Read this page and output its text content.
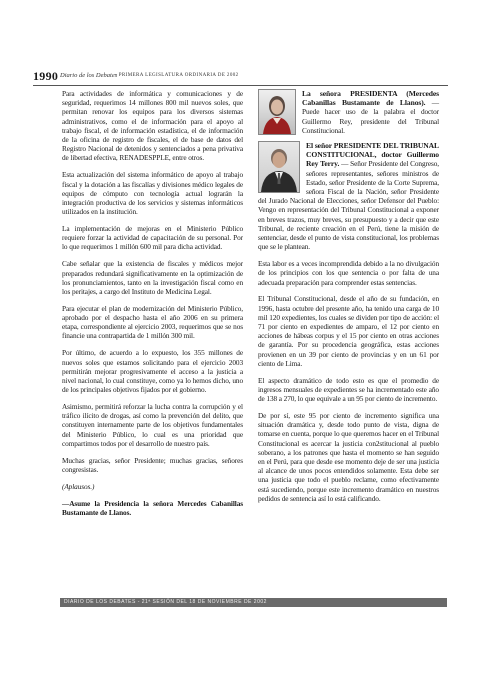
1990 Diario de los Debates
- PRIMERA LEGISLATURA ORDINARIA DE 2002

Para actividades de informática y comunicaciones y de seguridad, requerimos 14 millones 800 mil nuevos soles, que permitan renovar los equipos para los diversos sistemas administrativos, como el de información para el apoyo al trabajo fiscal, el de información estadística, el de información de la oficina de registro de fiscales, el de base de datos del Registro Nacional de detenidos y sentenciados a pena privativa de libertad efectiva, RENADESPPLE, entre otros.

Esta actualización del sistema informático de apoyo al trabajo fiscal y la dotación a las fiscalías y divisiones médico legales de equipos de cómputo con tecnología actual lograrán la integración productiva de los servicios y sistemas informáticos utilizados en la institución.

La implementación de mejoras en el Ministerio Público requiere forzar la actividad de capacitación de su personal. Por lo que requerimos 1 millón 600 mil para dicha actividad.

Cabe señalar que la existencia de fiscales y médicos mejor preparados redundará significativamente en la optimización de los pronunciamientos, tanto en la investigación fiscal como en los peritajes, a cargo del Instituto de Medicina Legal.

Para ejecutar el plan de modernización del Ministerio Público, aprobado por el despacho hasta el año 2006 en su primera etapa, correspondiente al ejercicio 2003, requerimos que se nos financie una contrapartida de 1 millón 300 mil.

Por último, de acuerdo a lo expuesto, los 355 millones de nuevos soles que estamos solicitando para el ejercicio 2003 permitirán mejorar progresivamente el acceso a la justicia a nivel nacional, lo cual constituye, como ya lo hemos dicho, uno de los principales objetivos fijados por el gobierno.

Asimismo, permitirá reforzar la lucha contra la corrupción y el tráfico ilícito de drogas, así como la prevención del delito, que constituyen internamente parte de los objetivos fundamentales del Ministerio Público, lo cual es una prioridad que compartimos todos por el desarrollo de nuestro país.

Muchas gracias, señor Presidente; muchas gracias, señores congresistas.

(Aplausos.)

—Asume la Presidencia la señora Mercedes Cabanillas Bustamante de Llanos.

La señora PRESIDENTA (Mercedes Cabanillas Bustamante de Llanos). — Puede hacer uso de la palabra el doctor Guillermo Rey, presidente del Tribunal Constitucional.

El señor PRESIDENTE DEL TRIBUNAL CONSTITUCIONAL, doctor Guillermo Rey Terry. — Señor Presidente del Congreso, señores representantes, señores ministros de Estado, señor Presidente de la Corte Suprema, señora Fiscal de la Nación, señor Presidente del Jurado Nacional de Elecciones, señor Defensor del Pueblo: Vengo en representación del Tribunal Constitucional a exponer en breves trazos, muy breves, su presupuesto y a decir que este Tribunal, de reciente creación en el Perú, tiene la misión de sentenciar, desde el punto de vista constitucional, los problemas que se le plantean.

Esta labor es a veces incomprendida debido a la no divulgación de los principios con los que sentencia o por falta de una adecuada preparación para comprender estas sentencias.

El Tribunal Constitucional, desde el año de su fundación, en 1996, hasta octubre del presente año, ha tenido una carga de 10 mil 120 expedientes, los cuales se dividen por tipo de acción: el 71 por ciento en expedientes de amparo, el 12 por ciento en acciones de hábeas corpus y el 15 por ciento en otras acciones de garantía. Por su procedencia geográfica, estas acciones provienen en un 39 por ciento de provincias y en un 61 por ciento de Lima.

El aspecto dramático de todo esto es que el promedio de ingresos mensuales de expedientes se ha incrementado este año de 138 a 270, lo que equivale a un 95 por ciento de incremento.

De por sí, este 95 por ciento de incremento significa una situación dramática y, desde todo punto de vista, digna de tomarse en cuenta, porque lo que queremos hacer en el Tribunal Constitucional es acercar la justicia con2stitucional al pueblo soberano, a los patrones que hasta el momento se han seguido en el Perú, para que desde ese momento deje de ser una justicia al alcance de unos pocos entendidos solamente. Esta debe ser una justicia que todo el pueblo reclame, como efectivamente está sucediendo, porque este incremento dramático en nuestros pedidos de sentencia así lo está calificando.

DIARIO DE LOS DEBATES - 21ª SESIÓN DEL 18 DE NOVIEMBRE DE 2002
